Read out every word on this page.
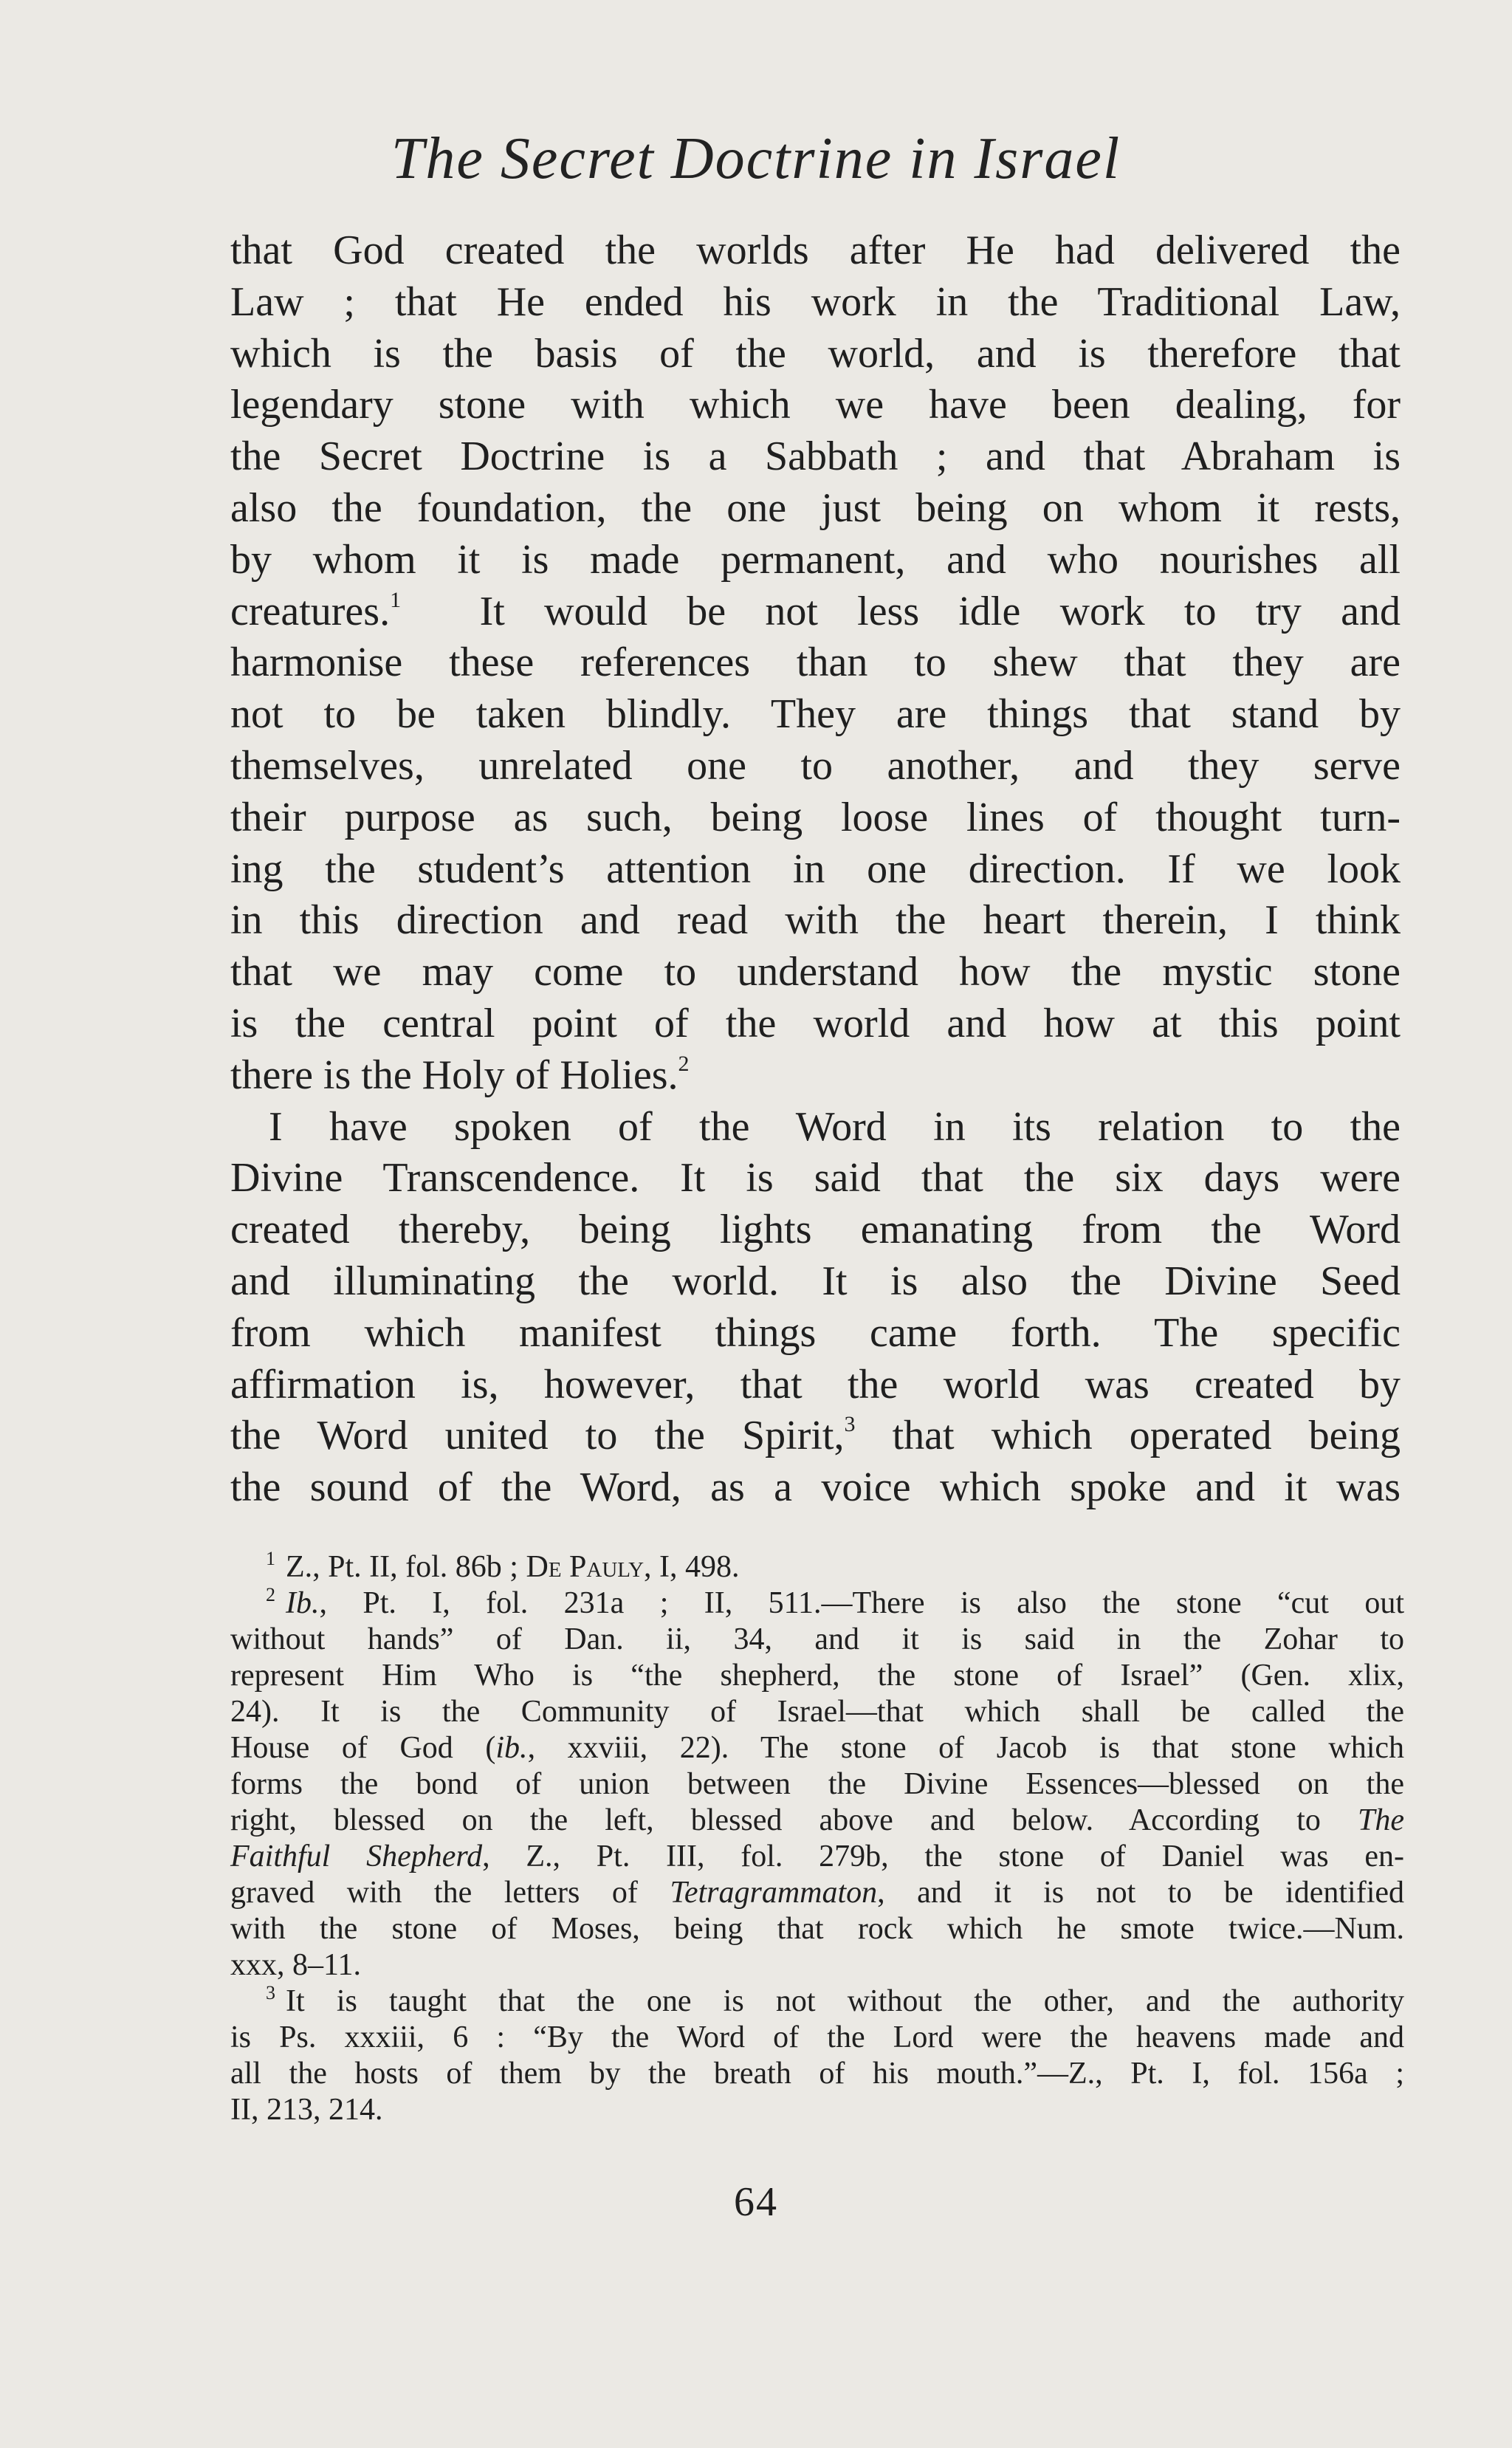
The Secret Doctrine in Israel
that God created the worlds after He had delivered the
Law ; that He ended his work in the Traditional Law,
which is the basis of the world, and is therefore that
legendary stone with which we have been dealing, for
the Secret Doctrine is a Sabbath ; and that Abraham is
also the foundation, the one just being on whom it rests,
by whom it is made permanent, and who nourishes all
creatures.$^1$ It would be not less idle work to try and
harmonise these references than to shew that they are
not to be taken blindly. They are things that stand by
themselves, unrelated one to another, and they serve
their purpose as such, being loose lines of thought turn-
ing the student’s attention in one direction. If we look
in this direction and read with the heart therein, I think
that we may come to understand how the mystic stone
is the central point of the world and how at this point
there is the Holy of Holies.$^2$
I have spoken of the Word in its relation to the
Divine Transcendence. It is said that the six days were
created thereby, being lights emanating from the Word
and illuminating the world. It is also the Divine Seed
from which manifest things came forth. The specific
affirmation is, however, that the world was created by
the Word united to the Spirit,$^3$ that which operated being
the sound of the Word, as a voice which spoke and it was
$^1$ Z., Pt. II, fol. 86b ; De Pauly, I, 498.
$^2$ Ib., Pt. I, fol. 231a ; II, 511.—There is also the stone “cut out
without hands” of Dan. ii, 34, and it is said in the Zohar to
represent Him Who is “the shepherd, the stone of Israel” (Gen. xlix,
24). It is the Community of Israel—that which shall be called the
House of God (ib., xxviii, 22). The stone of Jacob is that stone which
forms the bond of union between the Divine Essences—blessed on the
right, blessed on the left, blessed above and below. According to The
Faithful Shepherd, Z., Pt. III, fol. 279b, the stone of Daniel was en-
graved with the letters of Tetragrammaton, and it is not to be identified
with the stone of Moses, being that rock which he smote twice.—Num.
xxx, 8–11.
$^3$ It is taught that the one is not without the other, and the authority
is Ps. xxxiii, 6 : “By the Word of the Lord were the heavens made and
all the hosts of them by the breath of his mouth.”—Z., Pt. I, fol. 156a ;
II, 213, 214.
64
